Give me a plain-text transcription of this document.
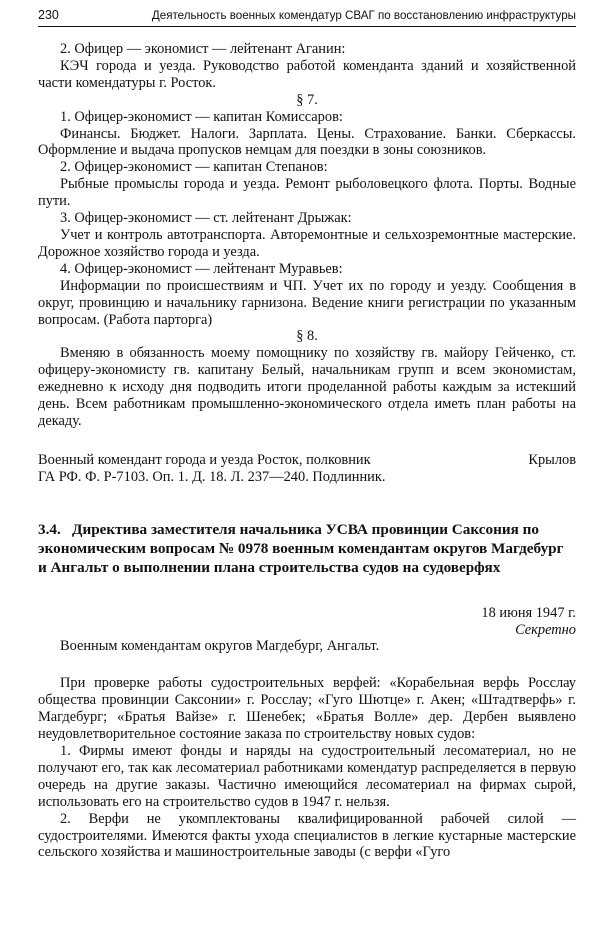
230	Деятельность военных комендатур СВАГ по восстановлению инфраструктуры

2. Офицер — экономист — лейтенант Аганин:

КЭЧ города и уезда. Руководство работой коменданта зданий и хозяйственной части комендатуры г. Росток.

§ 7.

1. Офицер-экономист — капитан Комиссаров:

Финансы. Бюджет. Налоги. Зарплата. Цены. Страхование. Банки. Сберкассы. Оформление и выдача пропусков немцам для поездки в зоны союзников.

2. Офицер-экономист — капитан Степанов:

Рыбные промыслы города и уезда. Ремонт рыболовецкого флота. Порты. Водные пути.

3. Офицер-экономист — ст. лейтенант Дрыжак:

Учет и контроль автотранспорта. Авторемонтные и сельхозремонтные мастерские. Дорожное хозяйство города и уезда.

4. Офицер-экономист — лейтенант Муравьев:

Информации по происшествиям и ЧП. Учет их по городу и уезду. Сообщения в округ, провинцию и начальнику гарнизона. Ведение книги регистрации по указанным вопросам. (Работа парторга)

§ 8.

Вменяю в обязанность моему помощнику по хозяйству гв. майору Гейченко, ст. офицеру-экономисту гв. капитану Белый, начальникам групп и всем экономистам, ежедневно к исходу дня подводить итоги проделанной работы каждым за истекший день. Всем работникам промышленно-экономического отдела иметь план работы на декаду.

Военный комендант города и уезда Росток, полковник	Крылов

ГА РФ. Ф. Р-7103. Оп. 1. Д. 18. Л. 237—240. Подлинник.

3.4. Директива заместителя начальника УСВА провинции Саксония по экономическим вопросам № 0978 военным комендантам округов Магдебург и Ангальт о выполнении плана строительства судов на судоверфях
18 июня 1947 г.
Секретно

Военным комендантам округов Магдебург, Ангальт.

При проверке работы судостроительных верфей: «Корабельная верфь Росслау общества провинции Саксонии» г. Росслау; «Гуго Шютце» г. Акен; «Штадтверфь» г. Магдебург; «Братья Вайзе» г. Шенебек; «Братья Волле» дер. Дербен выявлено неудовлетворительное состояние заказа по строительству новых судов:

1. Фирмы имеют фонды и наряды на судостроительный лесоматериал, но не получают его, так как лесоматериал работниками комендатур распределяется в первую очередь на другие заказы. Частично имеющийся лесоматериал на фирмах сырой, использовать его на строительство судов в 1947 г. нельзя.

2. Верфи не укомплектованы квалифицированной рабочей силой — судостроителями. Имеются факты ухода специалистов в легкие кустарные мастерские сельского хозяйства и машиностроительные заводы (с верфи «Гуго
